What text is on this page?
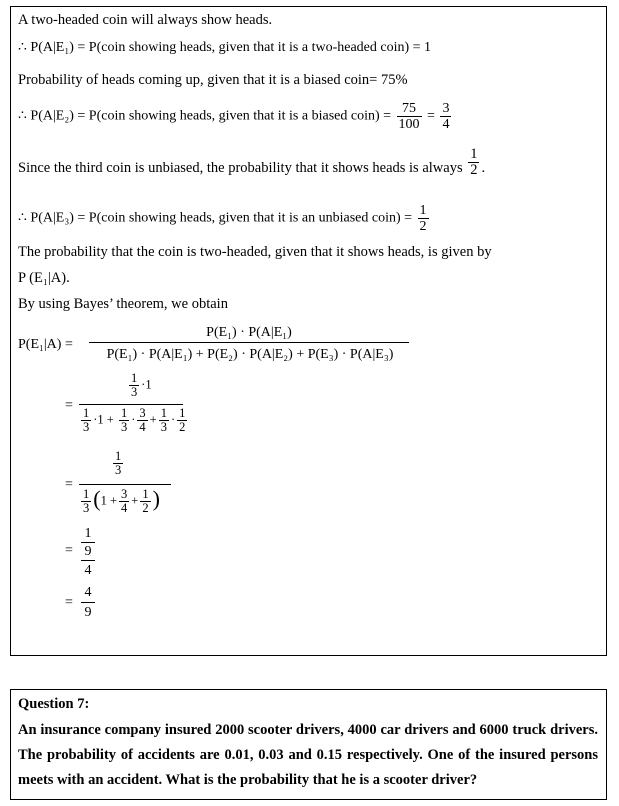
A two-headed coin will always show heads.
∴ P(A|E₁) = P(coin showing heads, given that it is a two-headed coin) = 1
Probability of heads coming up, given that it is a biased coin= 75%
∴ P(A|E₂) = P(coin showing heads, given that it is a biased coin) = $\frac{75}{100} = \frac{3}{4}$
Since the third coin is unbiased, the probability that it shows heads is always $\frac{1}{2}$ .
∴ P(A|E₃) = P(coin showing heads, given that it is an unbiased coin) = $\frac{1}{2}$
The probability that the coin is two-headed, given that it shows heads, is given by
P (E₁|A).
By using Bayes’ theorem, we obtain
P(E₁|A) =
P(E₁) · P(A|E₁)
P(E₁) · P(A|E₁) + P(E₂) · P(A|E₂) + P(E₃) · P(A|E₃)
=
$\frac{1}{3} \cdot 1$
$\frac{1}{3} \cdot 1 + \frac{1}{3} \cdot \frac{3}{4} + \frac{1}{3} \cdot \frac{1}{2}$
=
$\frac{1}{3}$
$\frac{1}{3} (1 + \frac{3}{4} + \frac{1}{2}$ )
=
1
9
4
=
4
9
Question 7:
An insurance company insured 2000 scooter drivers, 4000 car drivers and 6000 truck drivers. The probability of accidents are 0.01, 0.03 and 0.15 respectively. One of the insured persons meets with an accident. What is the probability that he is a scooter driver?
